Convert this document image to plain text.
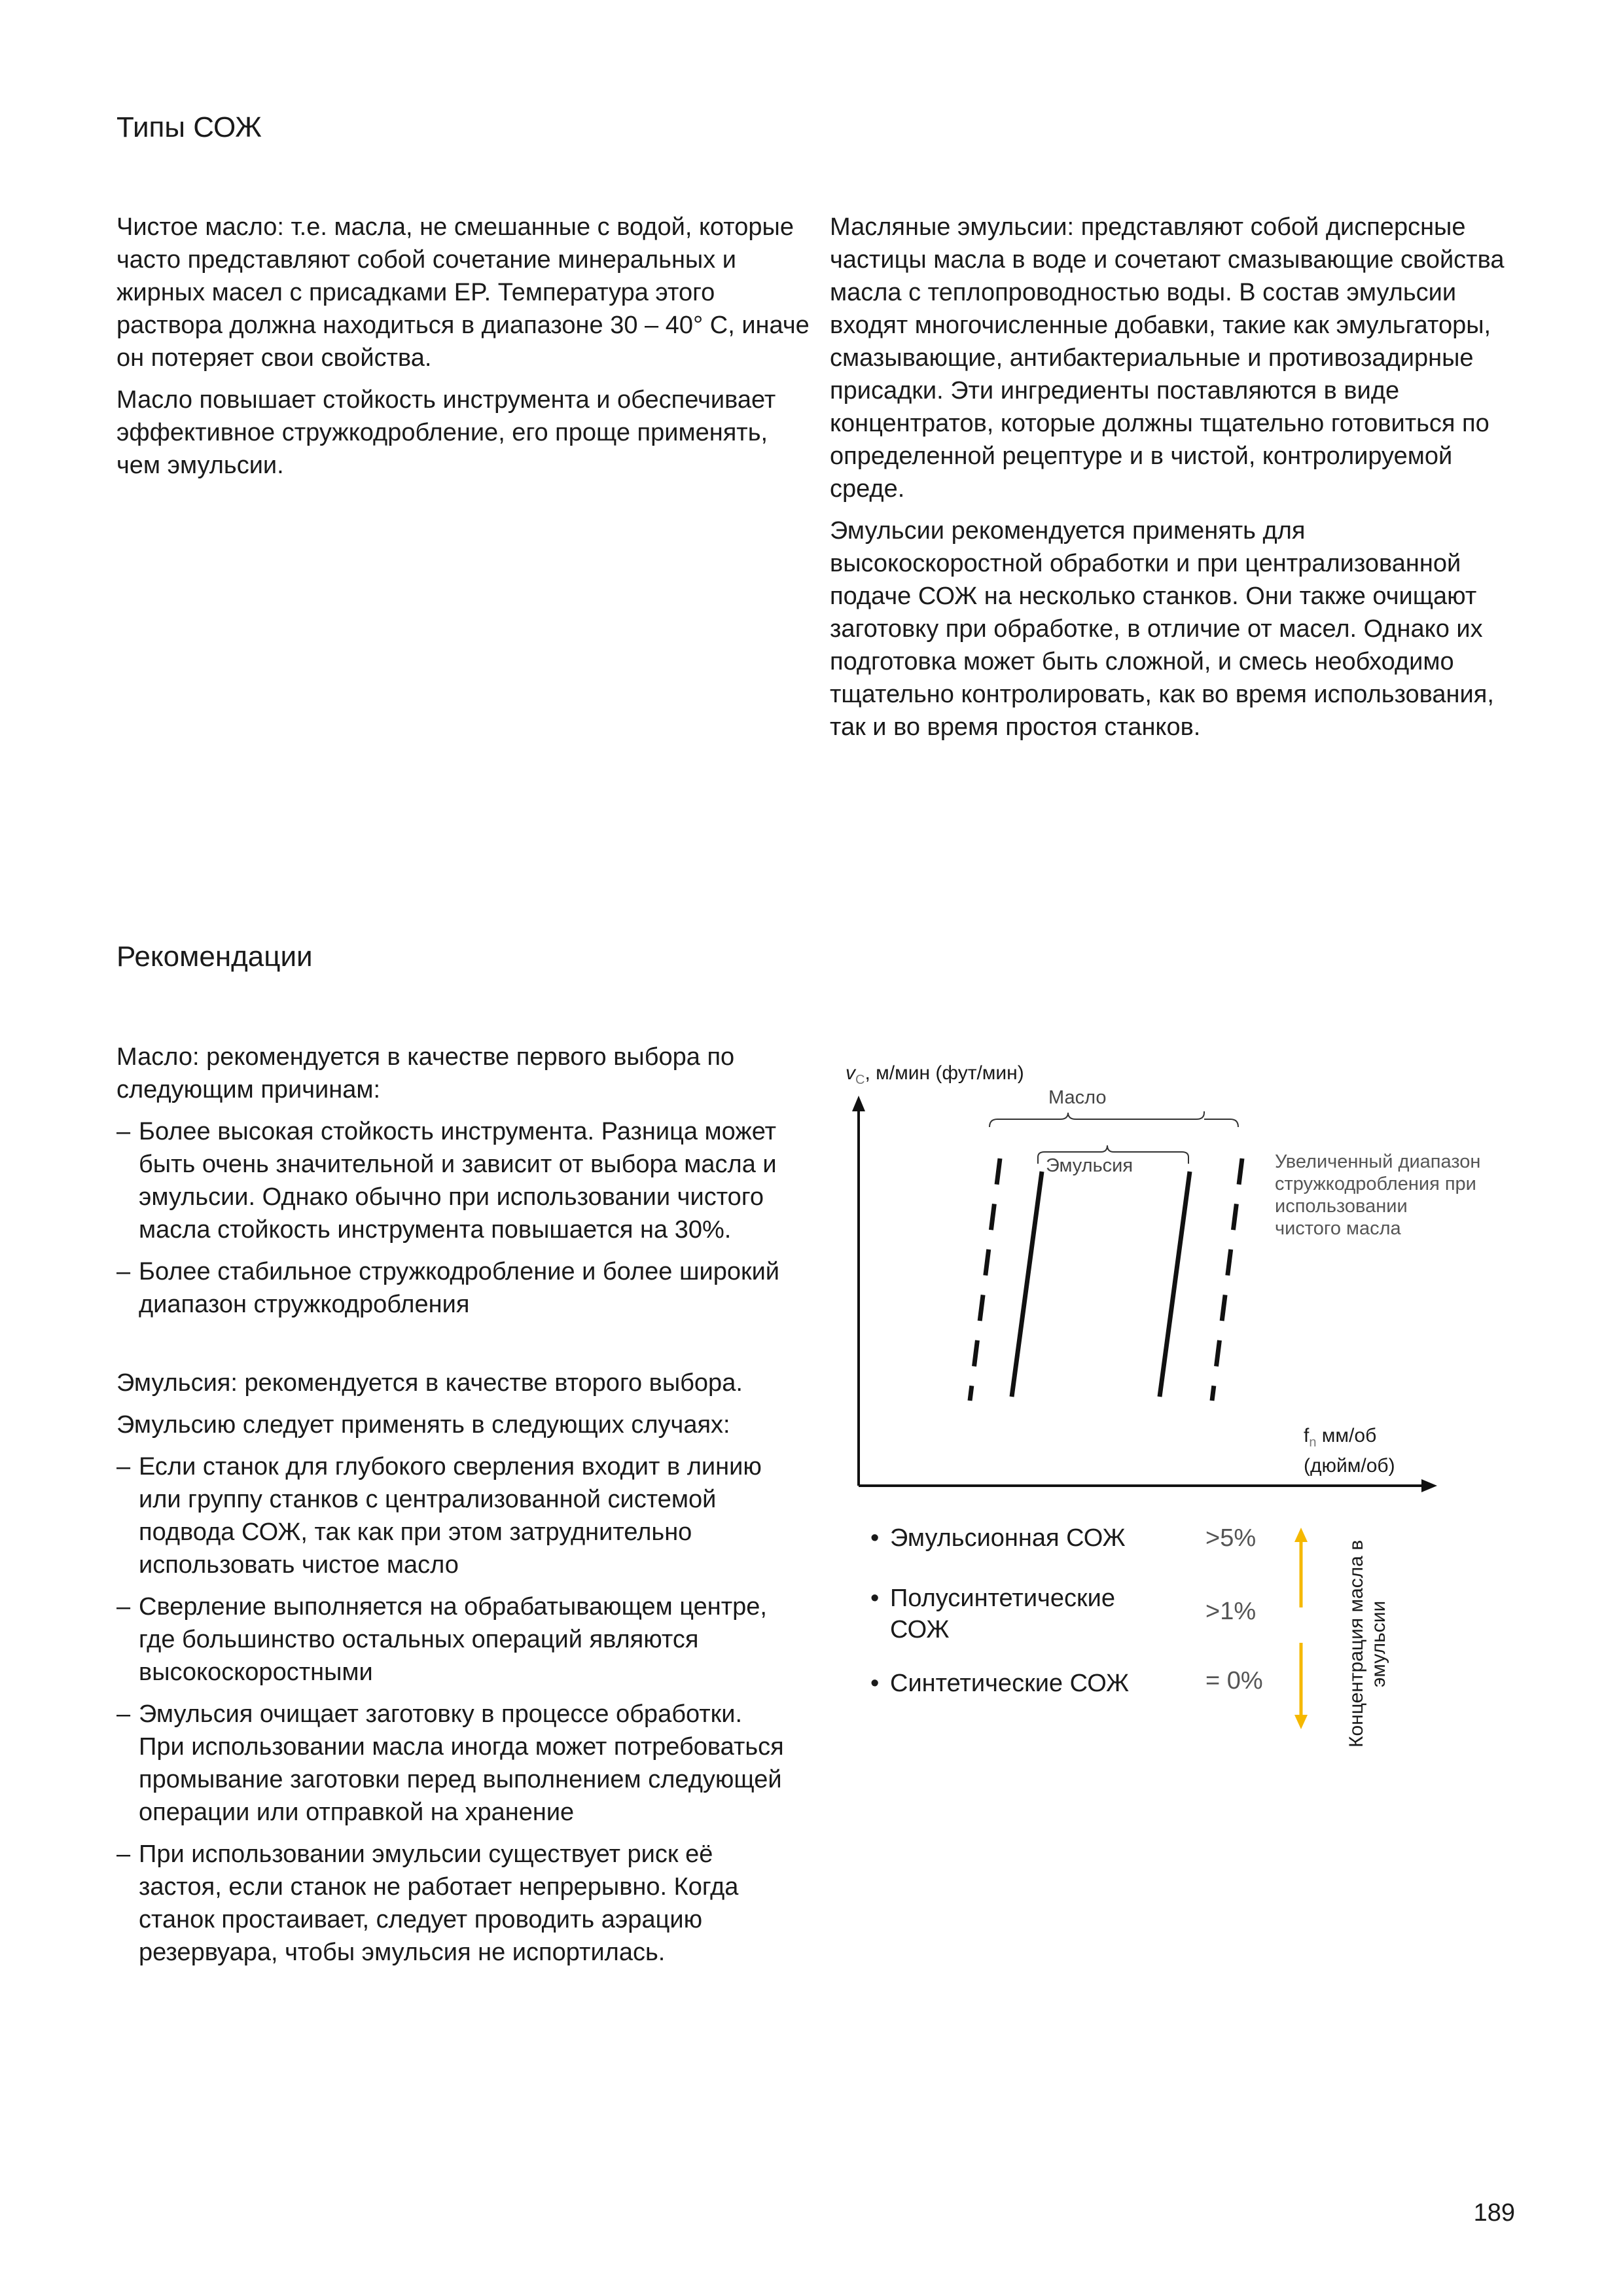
Типы СОЖ

Чистое масло: т.е. масла, не смешанные с водой, которые часто представляют собой сочетание минеральных и жирных масел с присадками EP. Температура этого раствора должна находиться в диапазоне 30 – 40° C, иначе он потеряет свои свойства.

Масло повышает стойкость инструмента и обеспечивает эффективное стружкодробление, его проще применять, чем эмульсии.

Масляные эмульсии: представляют собой дисперсные частицы масла в воде и сочетают смазывающие свойства масла с теплопроводностью воды. В состав эмульсии входят многочисленные добавки, такие как эмульгаторы, смазывающие, антибактериальные и противозадирные присадки. Эти ингредиенты поставляются в виде концентратов, которые должны тщательно готовиться по определенной рецептуре и в чистой, контролируемой среде.

Эмульсии рекомендуется применять для высокоскоростной обработки и при централизованной подаче СОЖ на несколько станков. Они также очищают заготовку при обработке, в отличие от масел. Однако их подготовка может быть сложной, и смесь необходимо тщательно контролировать, как во время использования, так и во время простоя станков.

Рекомендации

Масло: рекомендуется в качестве первого выбора по следующим причинам:

– Более высокая стойкость инструмента. Разница может быть очень значительной и зависит от выбора масла и эмульсии. Однако обычно при использовании чистого масла стойкость инструмента повышается на 30%.
– Более стабильное стружкодробление и более широкий диапазон стружкодробления

Эмульсия: рекомендуется в качестве второго выбора.

Эмульсию следует применять в следующих случаях:

– Если станок для глубокого сверления входит в линию или группу станков с централизованной системой подвода СОЖ, так как при этом затруднительно использовать чистое масло
– Сверление выполняется на обрабатывающем центре, где большинство остальных операций являются высокоскоростными
– Эмульсия очищает заготовку в процессе обработки. При использовании масла иногда может потребоваться промывание заготовки перед выполнением следующей операции или отправкой на хранение
– При использовании эмульсии существует риск её застоя, если станок не работает непрерывно. Когда станок простаивает, следует проводить аэрацию резервуара, чтобы эмульсия не испортилась.
$v_C$, м/мин (фут/мин)
Масло
Эмульсия	Увеличенный диапазон
стружкодробления при
использовании
чистого масла
$f_n$ мм/об
(дюйм/об)
• Эмульсионная СОЖ	>5%
• Полусинтетические
СОЖ
>1%
• Синтетические СОЖ	= 0%	Концентрация масла в эмульсии
189
